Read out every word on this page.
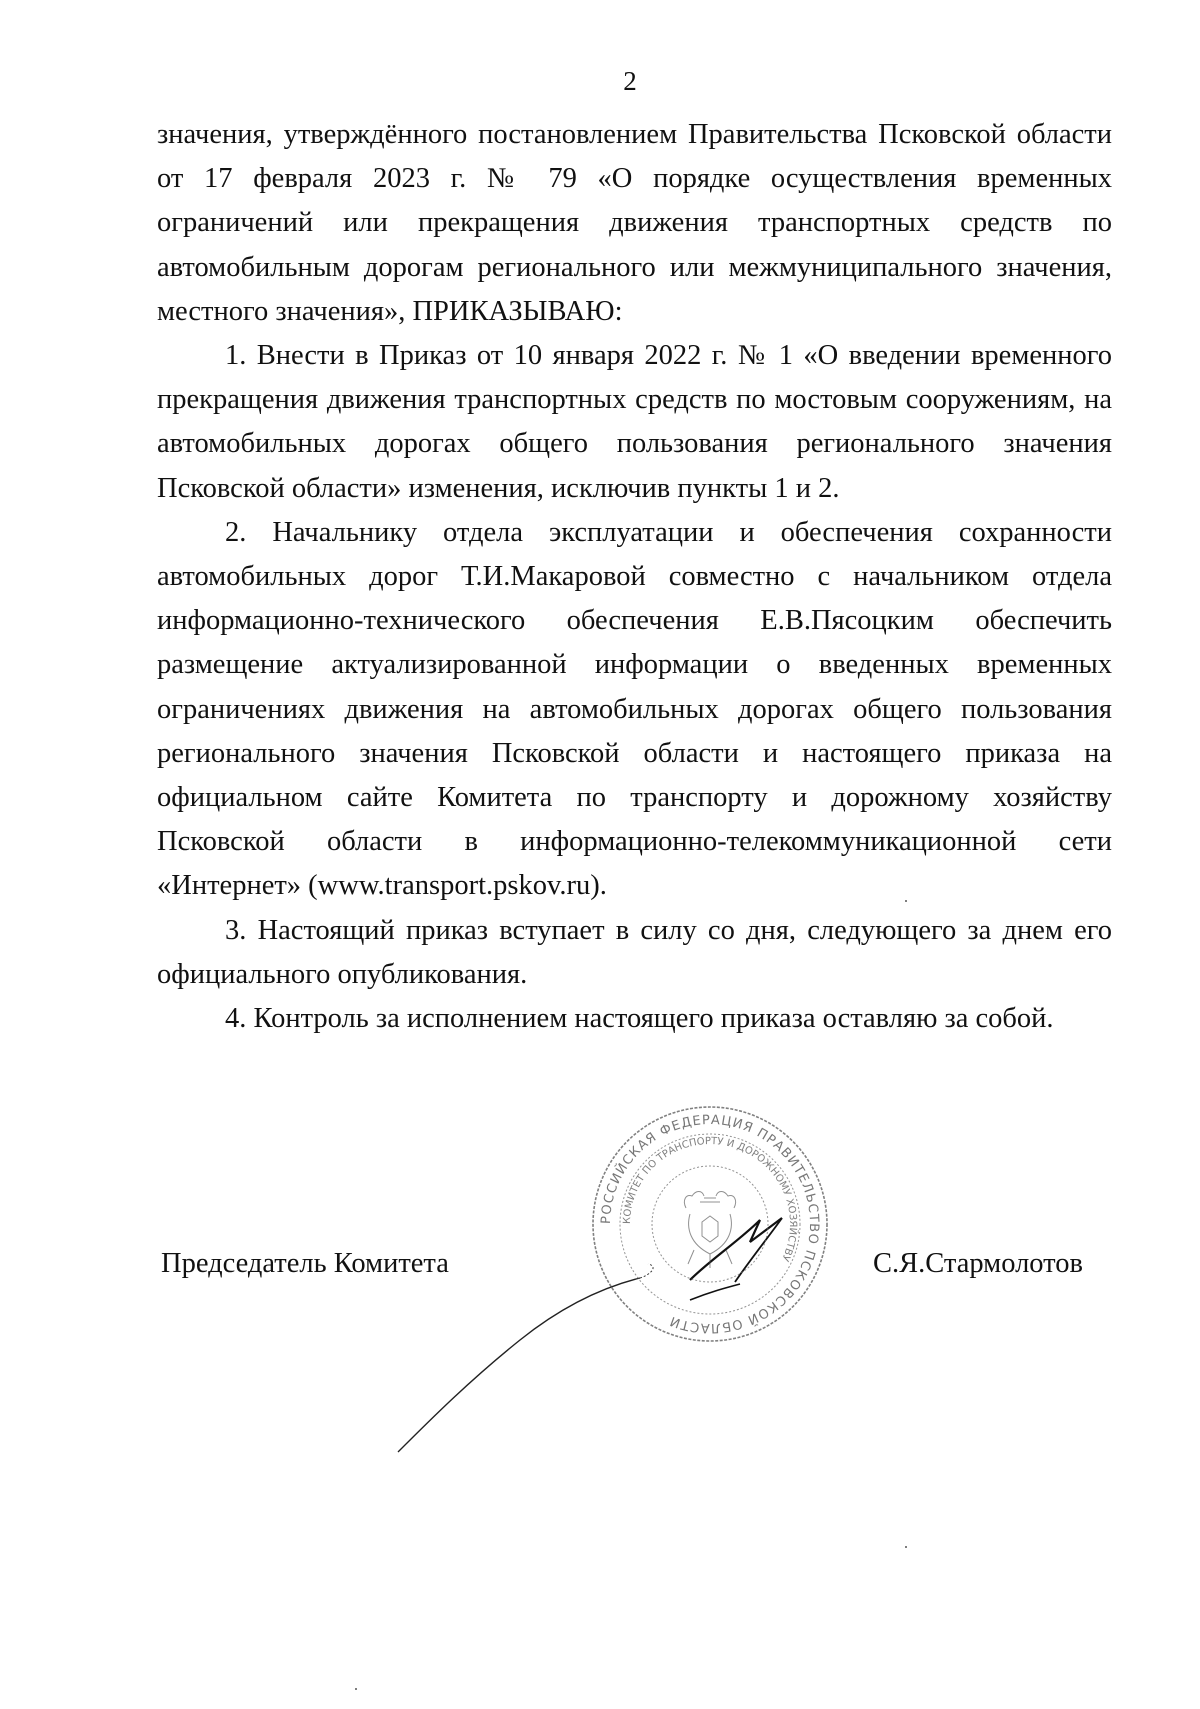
2

значения, утверждённого постановлением Правительства Псковской области от 17 февраля 2023 г. № 79 «О порядке осуществления временных ограничений или прекращения движения транспортных средств по автомобильным дорогам регионального или межмуниципального значения, местного значения», ПРИКАЗЫВАЮ:

1. Внести в Приказ от 10 января 2022 г. № 1 «О введении временного прекращения движения транспортных средств по мостовым сооружениям, на автомобильных дорогах общего пользования регионального значения Псковской области» изменения, исключив пункты 1 и 2.

2. Начальнику отдела эксплуатации и обеспечения сохранности автомобильных дорог Т.И.Макаровой совместно с начальником отдела информационно-технического обеспечения Е.В.Пясоцким обеспечить размещение актуализированной информации о введенных временных ограничениях движения на автомобильных дорогах общего пользования регионального значения Псковской области и настоящего приказа на официальном сайте Комитета по транспорту и дорожному хозяйству Псковской области в информационно-телекоммуникационной сети «Интернет» (www.transport.pskov.ru).

3. Настоящий приказ вступает в силу со дня, следующего за днем его официального опубликования.

4. Контроль за исполнением настоящего приказа оставляю за собой.

РОССИЙСКАЯ ФЕДЕРАЦИЯ ПРАВИТЕЛЬСТВО ПСКОВСКОЙ ОБЛАСТИ
КОМИТЕТ ПО ТРАНСПОРТУ И ДОРОЖНОМУ ХОЗЯЙСТВУ
Председатель Комитета	С.Я.Стармолотов
